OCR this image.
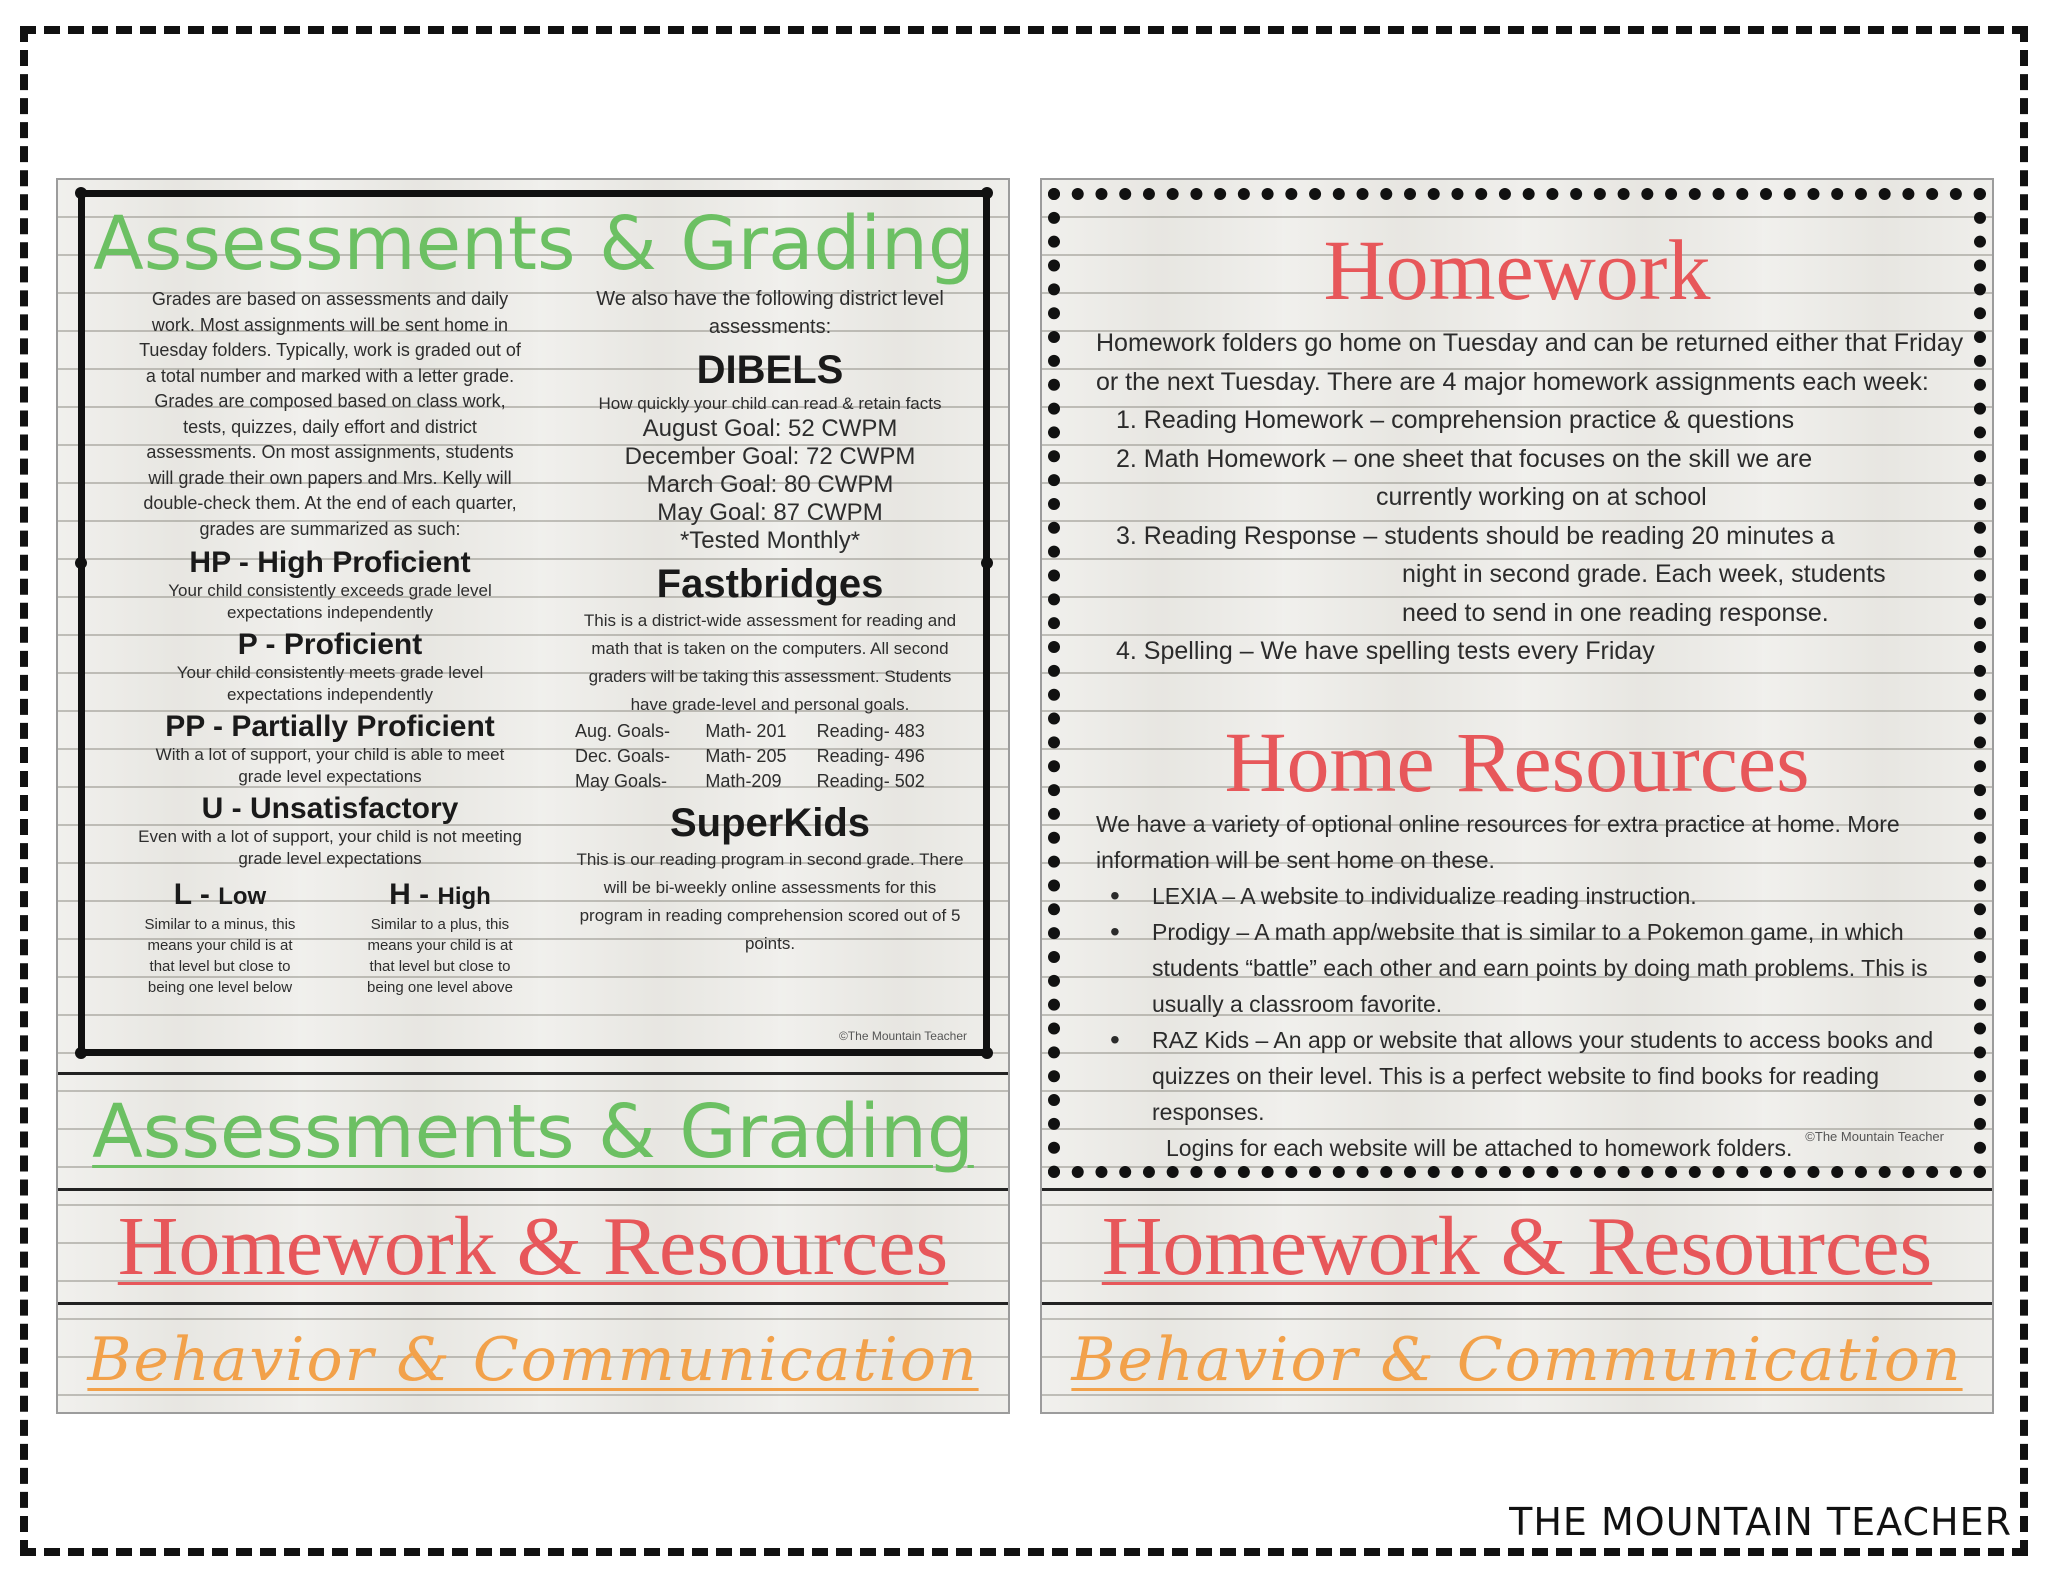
Assessments & Grading
Grades are based on assessments and daily work. Most assignments will be sent home in Tuesday folders. Typically, work is graded out of a total number and marked with a letter grade. Grades are composed based on class work, tests, quizzes, daily effort and district assessments. On most assignments, students will grade their own papers and Mrs. Kelly will double-check them. At the end of each quarter, grades are summarized as such:
HP - High Proficient
Your child consistently exceeds grade level expectations independently
P - Proficient
Your child consistently meets grade level expectations independently
PP - Partially Proficient
With a lot of support, your child is able to meet grade level expectations
U - Unsatisfactory
Even with a lot of support, your child is not meeting grade level expectations
L - Low
Similar to a minus, this means your child is at that level but close to being one level below
H - High
Similar to a plus, this means your child is at that level but close to being one level above
We also have the following district level assessments:
DIBELS
How quickly your child can read & retain facts
August Goal: 52 CWPM
December Goal: 72 CWPM
March Goal: 80 CWPM
May Goal: 87 CWPM
*Tested Monthly*
Fastbridges
This is a district-wide assessment for reading and math that is taken on the computers. All second graders will be taking this assessment. Students have grade-level and personal goals.
Aug. Goals-	Math- 201	Reading- 483
Dec. Goals-	Math- 205	Reading- 496
May Goals-	Math-209	Reading- 502
SuperKids
This is our reading program in second grade. There will be bi-weekly online assessments for this program in reading comprehension scored out of 5 points.
©The Mountain Teacher
Assessments & Grading
Homework & Resources
Behavior & Communication
Homework
Homework folders go home on Tuesday and can be returned either that Friday or the next Tuesday. There are 4 major homework assignments each week:
1. Reading Homework – comprehension practice & questions
2. Math Homework – one sheet that focuses on the skill we are
currently working on at school
3. Reading Response – students should be reading 20 minutes a
night in second grade. Each week, students
need to send in one reading response.
4. Spelling – We have spelling tests every Friday
Home Resources
We have a variety of optional online resources for extra practice at home. More information will be sent home on these.
• LEXIA – A website to individualize reading instruction.
• Prodigy – A math app/website that is similar to a Pokemon game, in which students “battle” each other and earn points by doing math problems. This is usually a classroom favorite.
• RAZ Kids – An app or website that allows your students to access books and quizzes on their level. This is a perfect website to find books for reading responses.
Logins for each website will be attached to homework folders. ©The Mountain Teacher
Homework & Resources
Behavior & Communication
THE MOUNTAIN TEACHER
